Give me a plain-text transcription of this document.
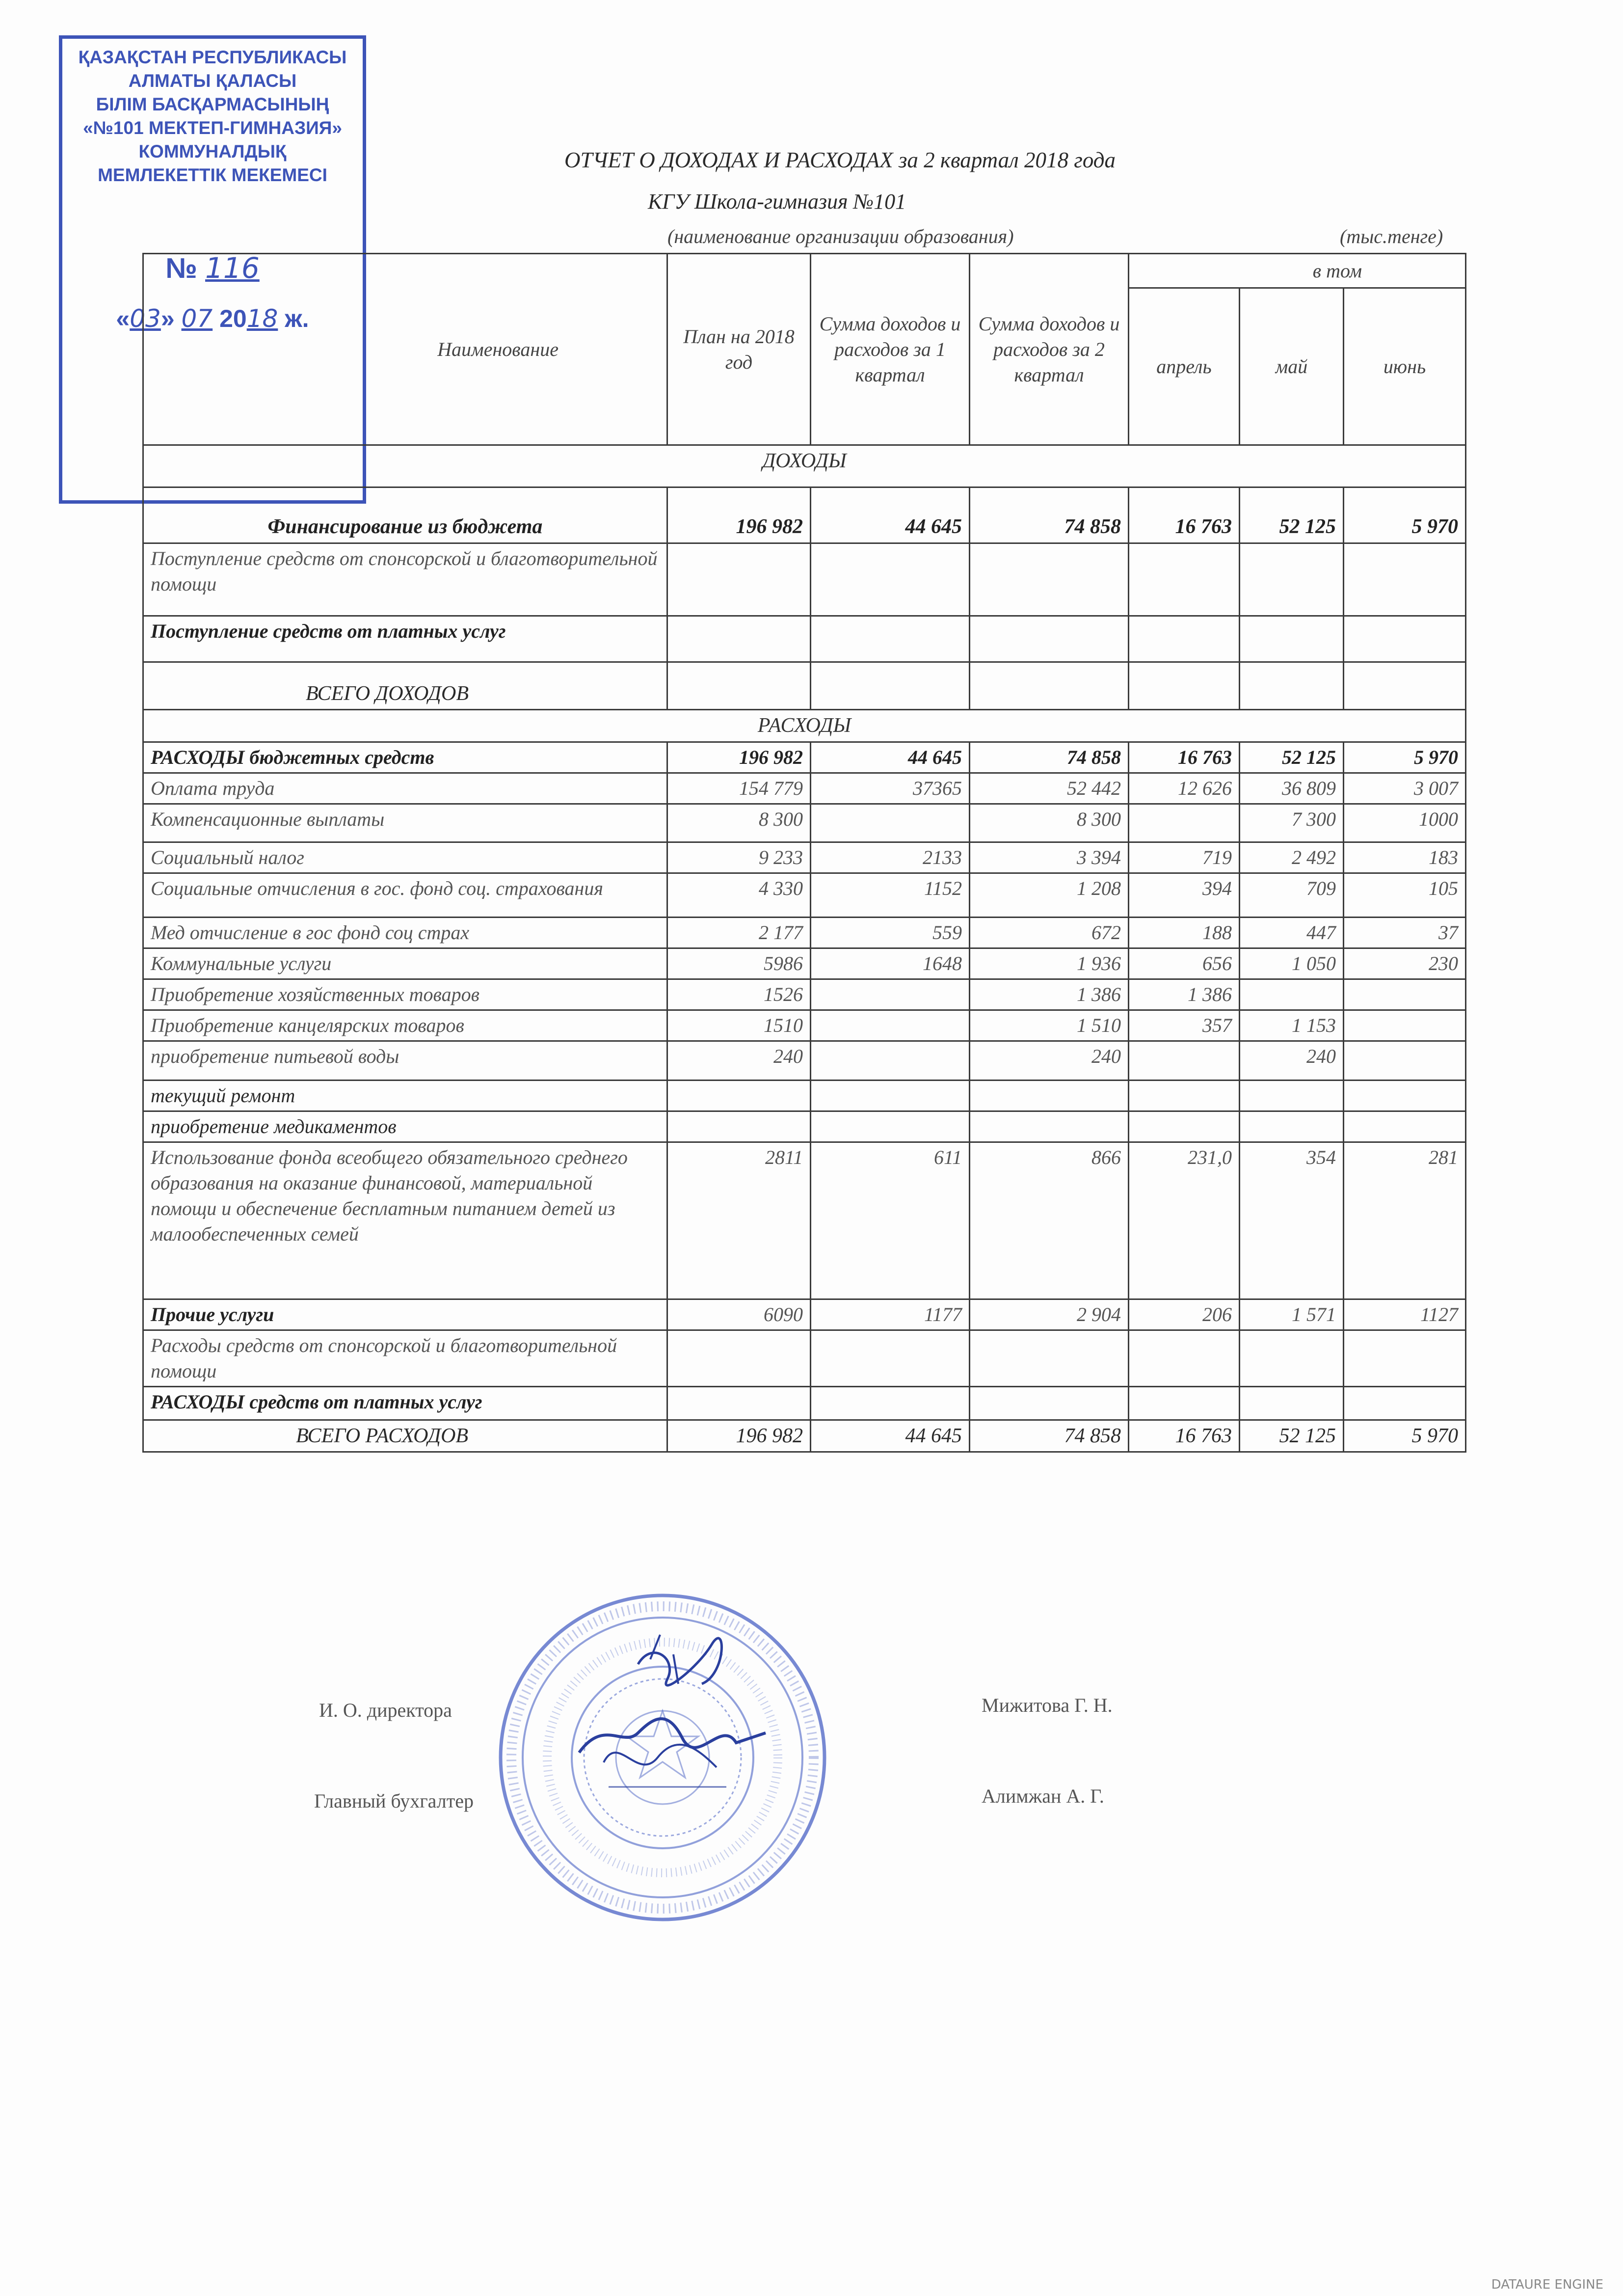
ҚАЗАҚСТАН РЕСПУБЛИКАСЫ
АЛМАТЫ ҚАЛАСЫ
БІЛІМ БАСҚАРМАСЫНЫҢ
«№101 МЕКТЕП-ГИМНАЗИЯ»
КОММУНАЛДЫҚ
МЕМЛЕКЕТТІК МЕКЕМЕСІ
№ 116
«03» 07 2018 ж.
ОТЧЕТ О ДОХОДАХ И РАСХОДАХ за 2 квартал 2018 года
КГУ Школа-гимназия №101
(наименование организации образования)	(тыс.тенге)
Наименование	План на 2018 год	Сумма доходов и расходов за 1 квартал	Сумма доходов и расходов за 2 квартал	в том		
				апрель	май	июнь
ДОХОДЫ						
Финансирование из бюджета	196 982	44 645	74 858	16 763	52 125	5 970
Поступление средств от спонсорской и благотворительной помощи						
Поступление средств от платных услуг						
ВСЕГО ДОХОДОВ						
РАСХОДЫ						
РАСХОДЫ бюджетных средств	196 982	44 645	74 858	16 763	52 125	5 970
Оплата труда	154 779	37365	52 442	12 626	36 809	3 007
Компенсационные выплаты	8 300		8 300		7 300	1000
Социальный налог	9 233	2133	3 394	719	2 492	183
Социальные отчисления в гос. фонд соц. страхования	4 330	1152	1 208	394	709	105
Мед отчисление в гос фонд соц страх	2 177	559	672	188	447	37
Коммунальные услуги	5986	1648	1 936	656	1 050	230
Приобретение хозяйственных товаров	1526		1 386	1 386		
Приобретение канцелярских товаров	1510		1 510	357	1 153	
приобретение питьевой воды	240		240		240	
текущий ремонт						
приобретение медикаментов						
Использование фонда всеобщего обязательного среднего образования на оказание финансовой, материальной помощи и обеспечение бесплатным питанием детей из малообеспеченных семей	2811	611	866	231,0	354	281
Прочие услуги	6090	1177	2 904	206	1 571	1127
Расходы средств от спонсорской и благотворительной помощи						
РАСХОДЫ средств от платных услуг						
ВСЕГО РАСХОДОВ	196 982	44 645	74 858	16 763	52 125	5 970
И. О. директора	Мижитова Г. Н.
Главный бухгалтер	Алимжан А. Г.
DATAURE ENGINE
